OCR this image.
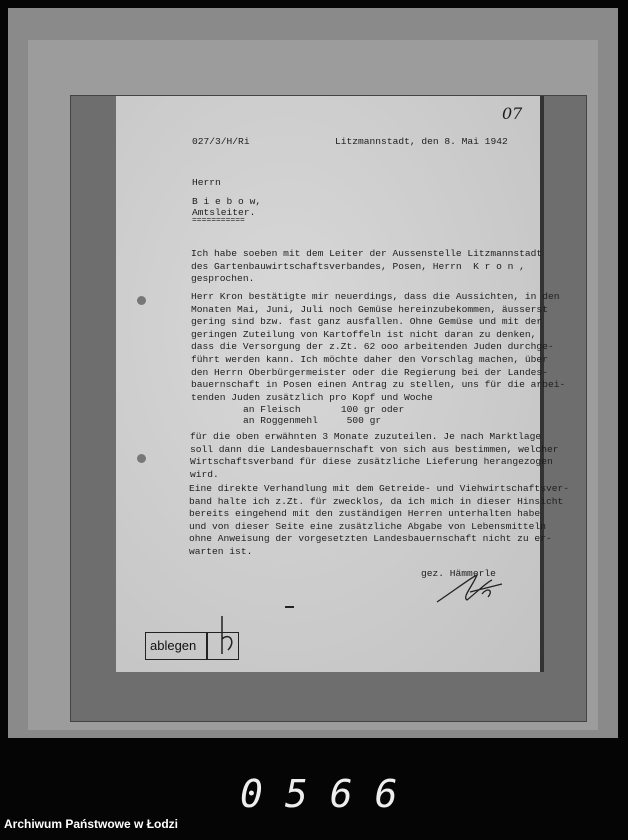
027/3/H/Ri	Litzmannstadt, den 8. Mai 1942
07
Herrn
B i e b o w,
Amtsleiter.
===========
Ich habe soeben mit dem Leiter der Aussenstelle Litzmannstadt
des Gartenbauwirtschaftsverbandes, Posen, Herrn  K r o n ,
gesprochen.
Herr Kron bestätigte mir neuerdings, dass die Aussichten, in den
Monaten Mai, Juni, Juli noch Gemüse hereinzubekommen, äusserst
gering sind bzw. fast ganz ausfallen. Ohne Gemüse und mit der
geringen Zuteilung von Kartoffeln ist nicht daran zu denken,
dass die Versorgung der z.Zt. 62 ooo arbeitenden Juden durchge-
führt werden kann. Ich möchte daher den Vorschlag machen, über
den Herrn Oberbürgermeister oder die Regierung bei der Landes-
bauernschaft in Posen einen Antrag zu stellen, uns für die arbei-
tenden Juden zusätzlich pro Kopf und Woche
an Fleisch       100 gr oder
an Roggenmehl     500 gr
für die oben erwähnten 3 Monate zuzuteilen. Je nach Marktlage
soll dann die Landesbauernschaft von sich aus bestimmen, welcher
Wirtschaftsverband für diese zusätzliche Lieferung herangezogen
wird.
Eine direkte Verhandlung mit dem Getreide- und Viehwirtschaftsver-
band halte ich z.Zt. für zwecklos, da ich mich in dieser Hinsicht
bereits eingehend mit den zuständigen Herren unterhalten habe
und von dieser Seite eine zusätzliche Abgabe von Lebensmitteln
ohne Anweisung der vorgesetzten Landesbauernschaft nicht zu er-
warten ist.
gez. Hämmerle
ablegen
0566
Archiwum Państwowe w Łodzi
